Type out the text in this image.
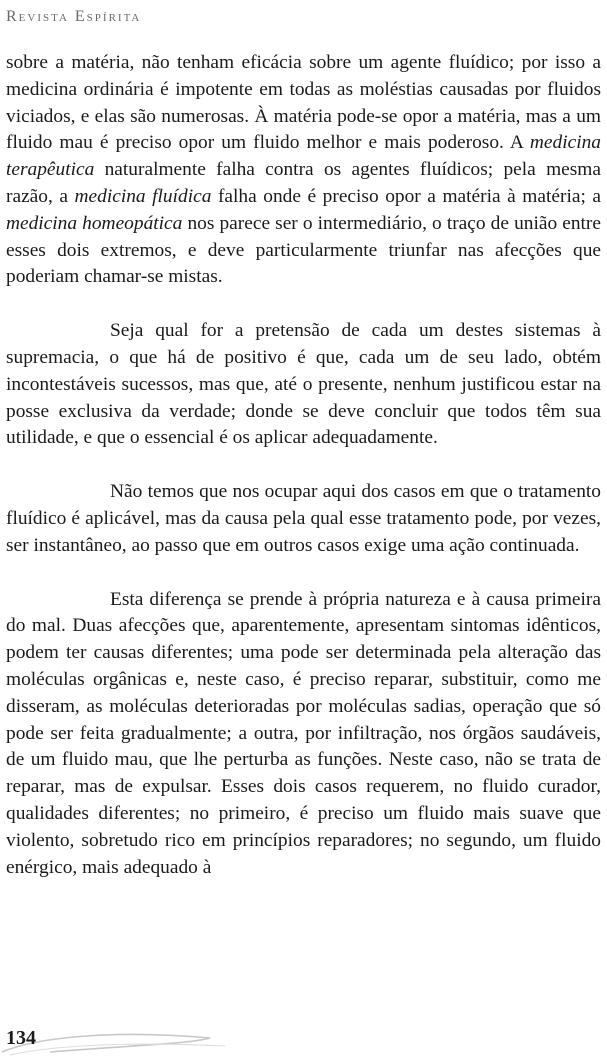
Revista Espírita

sobre a matéria, não tenham eficácia sobre um agente fluídico; por isso a medicina ordinária é impotente em todas as moléstias causadas por fluidos viciados, e elas são numerosas. À matéria pode-se opor a matéria, mas a um fluido mau é preciso opor um fluido melhor e mais poderoso. A medicina terapêutica naturalmente falha contra os agentes fluídicos; pela mesma razão, a medicina fluídica falha onde é preciso opor a matéria à matéria; a medicina homeopática nos parece ser o intermediário, o traço de união entre esses dois extremos, e deve particularmente triunfar nas afecções que poderiam chamar-se mistas.

Seja qual for a pretensão de cada um destes sistemas à supremacia, o que há de positivo é que, cada um de seu lado, obtém incontestáveis sucessos, mas que, até o presente, nenhum justificou estar na posse exclusiva da verdade; donde se deve concluir que todos têm sua utilidade, e que o essencial é os aplicar adequadamente.

Não temos que nos ocupar aqui dos casos em que o tratamento fluídico é aplicável, mas da causa pela qual esse tratamento pode, por vezes, ser instantâneo, ao passo que em outros casos exige uma ação continuada.

Esta diferença se prende à própria natureza e à causa primeira do mal. Duas afecções que, aparentemente, apresentam sintomas idênticos, podem ter causas diferentes; uma pode ser determinada pela alteração das moléculas orgânicas e, neste caso, é preciso reparar, substituir, como me disseram, as moléculas deterioradas por moléculas sadias, operação que só pode ser feita gradualmente; a outra, por infiltração, nos órgãos saudáveis, de um fluido mau, que lhe perturba as funções. Neste caso, não se trata de reparar, mas de expulsar. Esses dois casos requerem, no fluido curador, qualidades diferentes; no primeiro, é preciso um fluido mais suave que violento, sobretudo rico em princípios reparadores; no segundo, um fluido enérgico, mais adequado à

134
